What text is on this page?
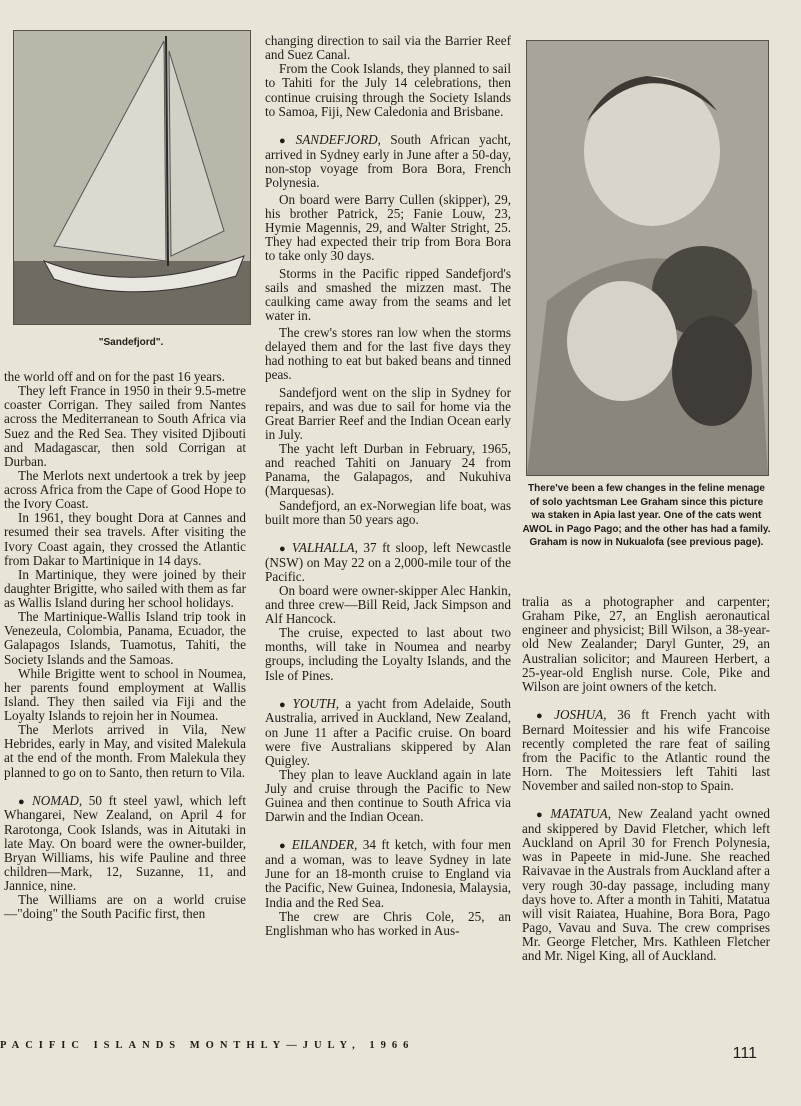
"Sandefjord".
There've been a few changes in the feline menage of solo yachtsman Lee Graham since this picture wa staken in Apia last year. One of the cats went AWOL in Pago Pago; and the other has had a family. Graham is now in Nukualofa (see previous page).

the world off and on for the past 16 years.

They left France in 1950 in their 9.5-metre coaster Corrigan. They sailed from Nantes across the Mediterranean to South Africa via Suez and the Red Sea. They visited Djibouti and Madagascar, then sold Corrigan at Durban.

The Merlots next undertook a trek by jeep across Africa from the Cape of Good Hope to the Ivory Coast.

In 1961, they bought Dora at Cannes and resumed their sea travels. After visiting the Ivory Coast again, they crossed the Atlantic from Dakar to Martinique in 14 days.

In Martinique, they were joined by their daughter Brigitte, who sailed with them as far as Wallis Island during her school holidays.

The Martinique-Wallis Island trip took in Venezeula, Colombia, Panama, Ecuador, the Galapagos Islands, Tuamotus, Tahiti, the Society Islands and the Samoas.

While Brigitte went to school in Noumea, her parents found employment at Wallis Island. They then sailed via Fiji and the Loyalty Islands to rejoin her in Noumea.

The Merlots arrived in Vila, New Hebrides, early in May, and visited Malekula at the end of the month. From Malekula they planned to go on to Santo, then return to Vila.

● NOMAD, 50 ft steel yawl, which left Whangarei, New Zealand, on April 4 for Rarotonga, Cook Islands, was in Aitutaki in late May. On board were the owner-builder, Bryan Williams, his wife Pauline and three children—Mark, 12, Suzanne, 11, and Jannice, nine.

The Williams are on a world cruise —"doing" the South Pacific first, then

changing direction to sail via the Barrier Reef and Suez Canal.

From the Cook Islands, they planned to sail to Tahiti for the July 14 celebrations, then continue cruising through the Society Islands to Samoa, Fiji, New Caledonia and Brisbane.

● SANDEFJORD, South African yacht, arrived in Sydney early in June after a 50-day, non-stop voyage from Bora Bora, French Polynesia.

On board were Barry Cullen (skipper), 29, his brother Patrick, 25; Fanie Louw, 23, Hymie Magennis, 29, and Walter Stright, 25. They had expected their trip from Bora Bora to take only 30 days.

Storms in the Pacific ripped Sandefjord's sails and smashed the mizzen mast. The caulking came away from the seams and let water in.

The crew's stores ran low when the storms delayed them and for the last five days they had nothing to eat but baked beans and tinned peas.

Sandefjord went on the slip in Sydney for repairs, and was due to sail for home via the Great Barrier Reef and the Indian Ocean early in July.

The yacht left Durban in February, 1965, and reached Tahiti on January 24 from Panama, the Galapagos, and Nukuhiva (Marquesas).

Sandefjord, an ex-Norwegian life boat, was built more than 50 years ago.

● VALHALLA, 37 ft sloop, left Newcastle (NSW) on May 22 on a 2,000-mile tour of the Pacific.

On board were owner-skipper Alec Hankin, and three crew—Bill Reid, Jack Simpson and Alf Hancock.

The cruise, expected to last about two months, will take in Noumea and nearby groups, including the Loyalty Islands, and the Isle of Pines.

● YOUTH, a yacht from Adelaide, South Australia, arrived in Auckland, New Zealand, on June 11 after a Pacific cruise. On board were five Australians skippered by Alan Quigley.

They plan to leave Auckland again in late July and cruise through the Pacific to New Guinea and then continue to South Africa via Darwin and the Indian Ocean.

● EILANDER, 34 ft ketch, with four men and a woman, was to leave Sydney in late June for an 18-month cruise to England via the Pacific, New Guinea, Indonesia, Malaysia, India and the Red Sea.

The crew are Chris Cole, 25, an Englishman who has worked in Aus-

tralia as a photographer and carpenter; Graham Pike, 27, an English aeronautical engineer and physicist; Bill Wilson, a 38-year-old New Zealander; Daryl Gunter, 29, an Australian solicitor; and Maureen Herbert, a 25-year-old English nurse. Cole, Pike and Wilson are joint owners of the ketch.

● JOSHUA, 36 ft French yacht with Bernard Moitessier and his wife Francoise recently completed the rare feat of sailing from the Pacific to the Atlantic round the Horn. The Moitessiers left Tahiti last November and sailed non-stop to Spain.

● MATATUA, New Zealand yacht owned and skippered by David Fletcher, which left Auckland on April 30 for French Polynesia, was in Papeete in mid-June. She reached Raivavae in the Australs from Auckland after a very rough 30-day passage, including many days hove to. After a month in Tahiti, Matatua will visit Raiatea, Huahine, Bora Bora, Pago Pago, Vavau and Suva. The crew comprises Mr. George Fletcher, Mrs. Kathleen Fletcher and Mr. Nigel King, all of Auckland.

PACIFIC ISLANDS MONTHLY—JULY, 1966	111
